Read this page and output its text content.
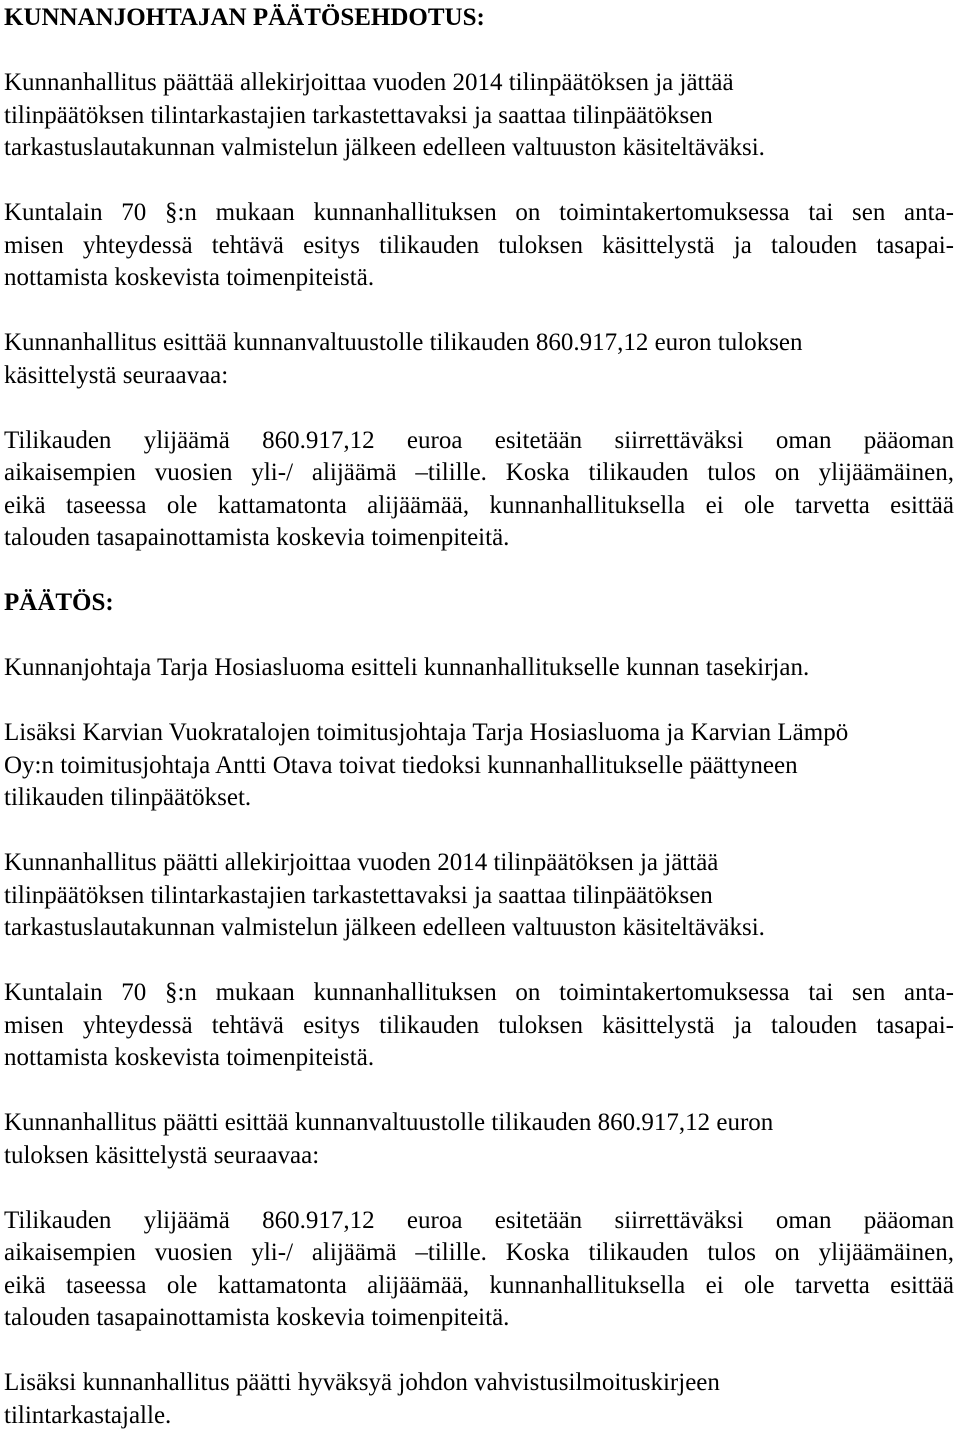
KUNNANJOHTAJAN PÄÄTÖSEHDOTUS:

Kunnanhallitus päättää allekirjoittaa vuoden 2014 tilinpäätöksen ja jättää
tilinpäätöksen tilintarkastajien tarkastettavaksi ja saattaa tilinpäätöksen
tarkastuslautakunnan valmistelun jälkeen edelleen valtuuston käsiteltäväksi.

Kuntalain 70 §:n mukaan kunnanhallituksen on toimintakertomuksessa tai sen anta-
misen yhteydessä tehtävä esitys tilikauden tuloksen käsittelystä ja talouden tasapai-
nottamista koskevista toimenpiteistä.

Kunnanhallitus esittää kunnanvaltuustolle tilikauden 860.917,12 euron tuloksen
käsittelystä seuraavaa:

Tilikauden ylijäämä 860.917,12 euroa esitetään siirrettäväksi oman pääoman
aikaisempien vuosien yli-/ alijäämä –tilille. Koska tilikauden tulos on ylijäämäinen,
eikä taseessa ole kattamatonta alijäämää, kunnanhallituksella ei ole tarvetta esittää
talouden tasapainottamista koskevia toimenpiteitä.

PÄÄTÖS:

Kunnanjohtaja Tarja Hosiasluoma esitteli kunnanhallitukselle kunnan tasekirjan.

Lisäksi Karvian Vuokratalojen toimitusjohtaja Tarja Hosiasluoma ja Karvian Lämpö
Oy:n toimitusjohtaja Antti Otava toivat tiedoksi kunnanhallitukselle päättyneen
tilikauden tilinpäätökset.

Kunnanhallitus päätti allekirjoittaa vuoden 2014 tilinpäätöksen ja jättää
tilinpäätöksen tilintarkastajien tarkastettavaksi ja saattaa tilinpäätöksen
tarkastuslautakunnan valmistelun jälkeen edelleen valtuuston käsiteltäväksi.

Kuntalain 70 §:n mukaan kunnanhallituksen on toimintakertomuksessa tai sen anta-
misen yhteydessä tehtävä esitys tilikauden tuloksen käsittelystä ja talouden tasapai-
nottamista koskevista toimenpiteistä.

Kunnanhallitus päätti esittää kunnanvaltuustolle tilikauden 860.917,12 euron
tuloksen käsittelystä seuraavaa:

Tilikauden ylijäämä 860.917,12 euroa esitetään siirrettäväksi oman pääoman
aikaisempien vuosien yli-/ alijäämä –tilille. Koska tilikauden tulos on ylijäämäinen,
eikä taseessa ole kattamatonta alijäämää, kunnanhallituksella ei ole tarvetta esittää
talouden tasapainottamista koskevia toimenpiteitä.

Lisäksi kunnanhallitus päätti hyväksyä johdon vahvistusilmoituskirjeen
tilintarkastajalle.
